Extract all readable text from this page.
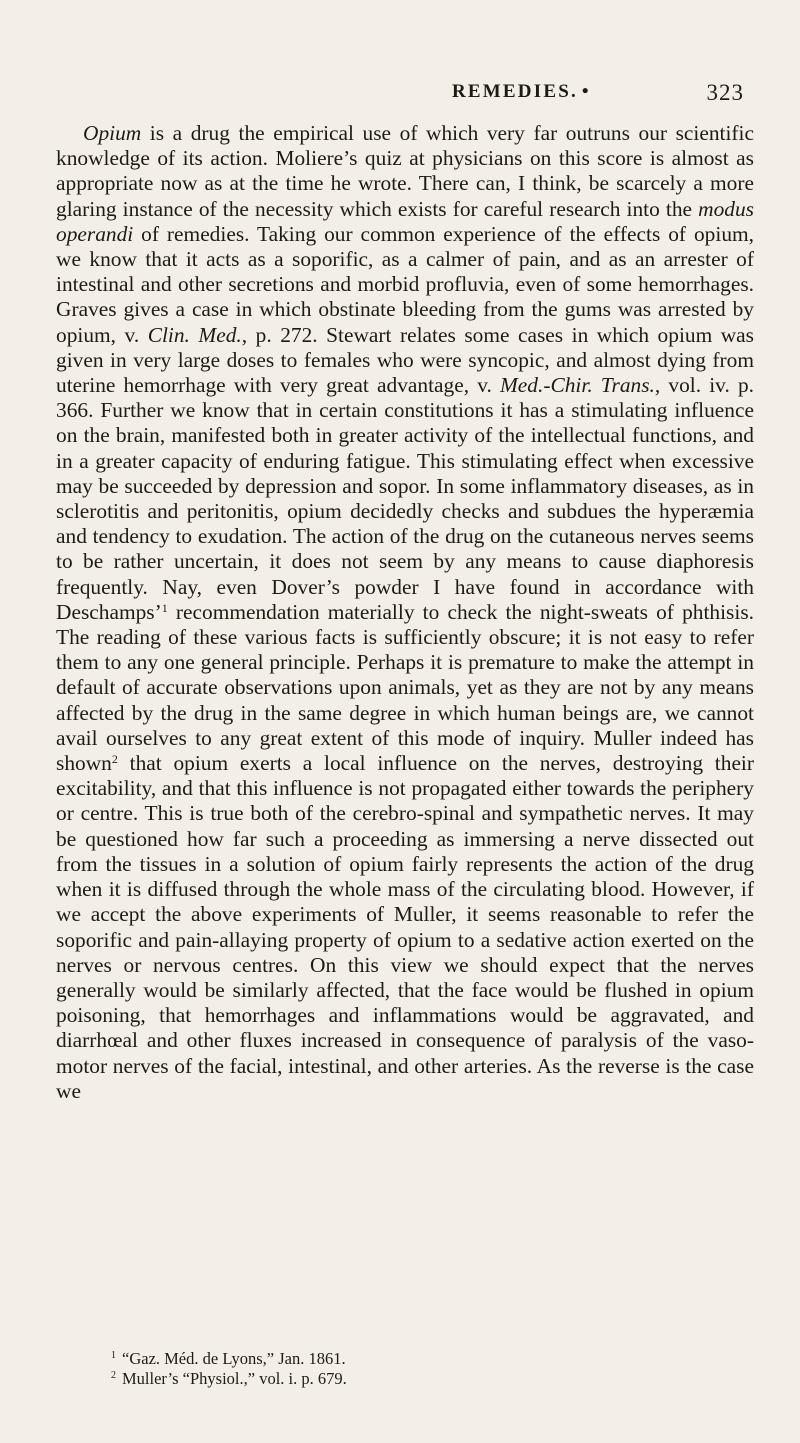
REMEDIES. •	323

Opium is a drug the empirical use of which very far outruns our scientific knowledge of its action. Moliere’s quiz at physicians on this score is almost as appropriate now as at the time he wrote. There can, I think, be scarcely a more glaring instance of the necessity which exists for careful research into the modus operandi of remedies. Taking our common experience of the effects of opium, we know that it acts as a soporific, as a calmer of pain, and as an arrester of intestinal and other secretions and morbid profluvia, even of some hemorrhages. Graves gives a case in which obstinate bleeding from the gums was arrested by opium, v. Clin. Med., p. 272. Stewart relates some cases in which opium was given in very large doses to females who were syncopic, and almost dying from uterine hemorrhage with very great advantage, v. Med.-Chir. Trans., vol. iv. p. 366. Further we know that in certain constitutions it has a stimulating influence on the brain, manifested both in greater activity of the intellectual functions, and in a greater capacity of enduring fatigue. This stimulating effect when excessive may be succeeded by depression and sopor. In some inflammatory diseases, as in sclerotitis and peritonitis, opium decidedly checks and subdues the hyperæmia and tendency to exudation. The action of the drug on the cutaneous nerves seems to be rather uncertain, it does not seem by any means to cause diaphoresis frequently. Nay, even Dover’s powder I have found in accordance with Deschamps’$^1$ recommendation materially to check the night-sweats of phthisis. The reading of these various facts is sufficiently obscure; it is not easy to refer them to any one general principle. Perhaps it is premature to make the attempt in default of accurate observations upon animals, yet as they are not by any means affected by the drug in the same degree in which human beings are, we cannot avail ourselves to any great extent of this mode of inquiry. Muller indeed has shown$^2$ that opium exerts a local influence on the nerves, destroying their excitability, and that this influence is not propagated either towards the periphery or centre. This is true both of the cerebro-spinal and sympathetic nerves. It may be questioned how far such a proceeding as immersing a nerve dissected out from the tissues in a solution of opium fairly represents the action of the drug when it is diffused through the whole mass of the circulating blood. However, if we accept the above experiments of Muller, it seems reasonable to refer the soporific and pain-allaying property of opium to a sedative action exerted on the nerves or nervous centres. On this view we should expect that the nerves generally would be similarly affected, that the face would be flushed in opium poisoning, that hemorrhages and inflammations would be aggravated, and diarrhœal and other fluxes increased in consequence of paralysis of the vaso-motor nerves of the facial, intestinal, and other arteries. As the reverse is the case we

$^1$ “Gaz. Méd. de Lyons,” Jan. 1861.
$^2$ Muller’s “Physiol.,” vol. i. p. 679.
